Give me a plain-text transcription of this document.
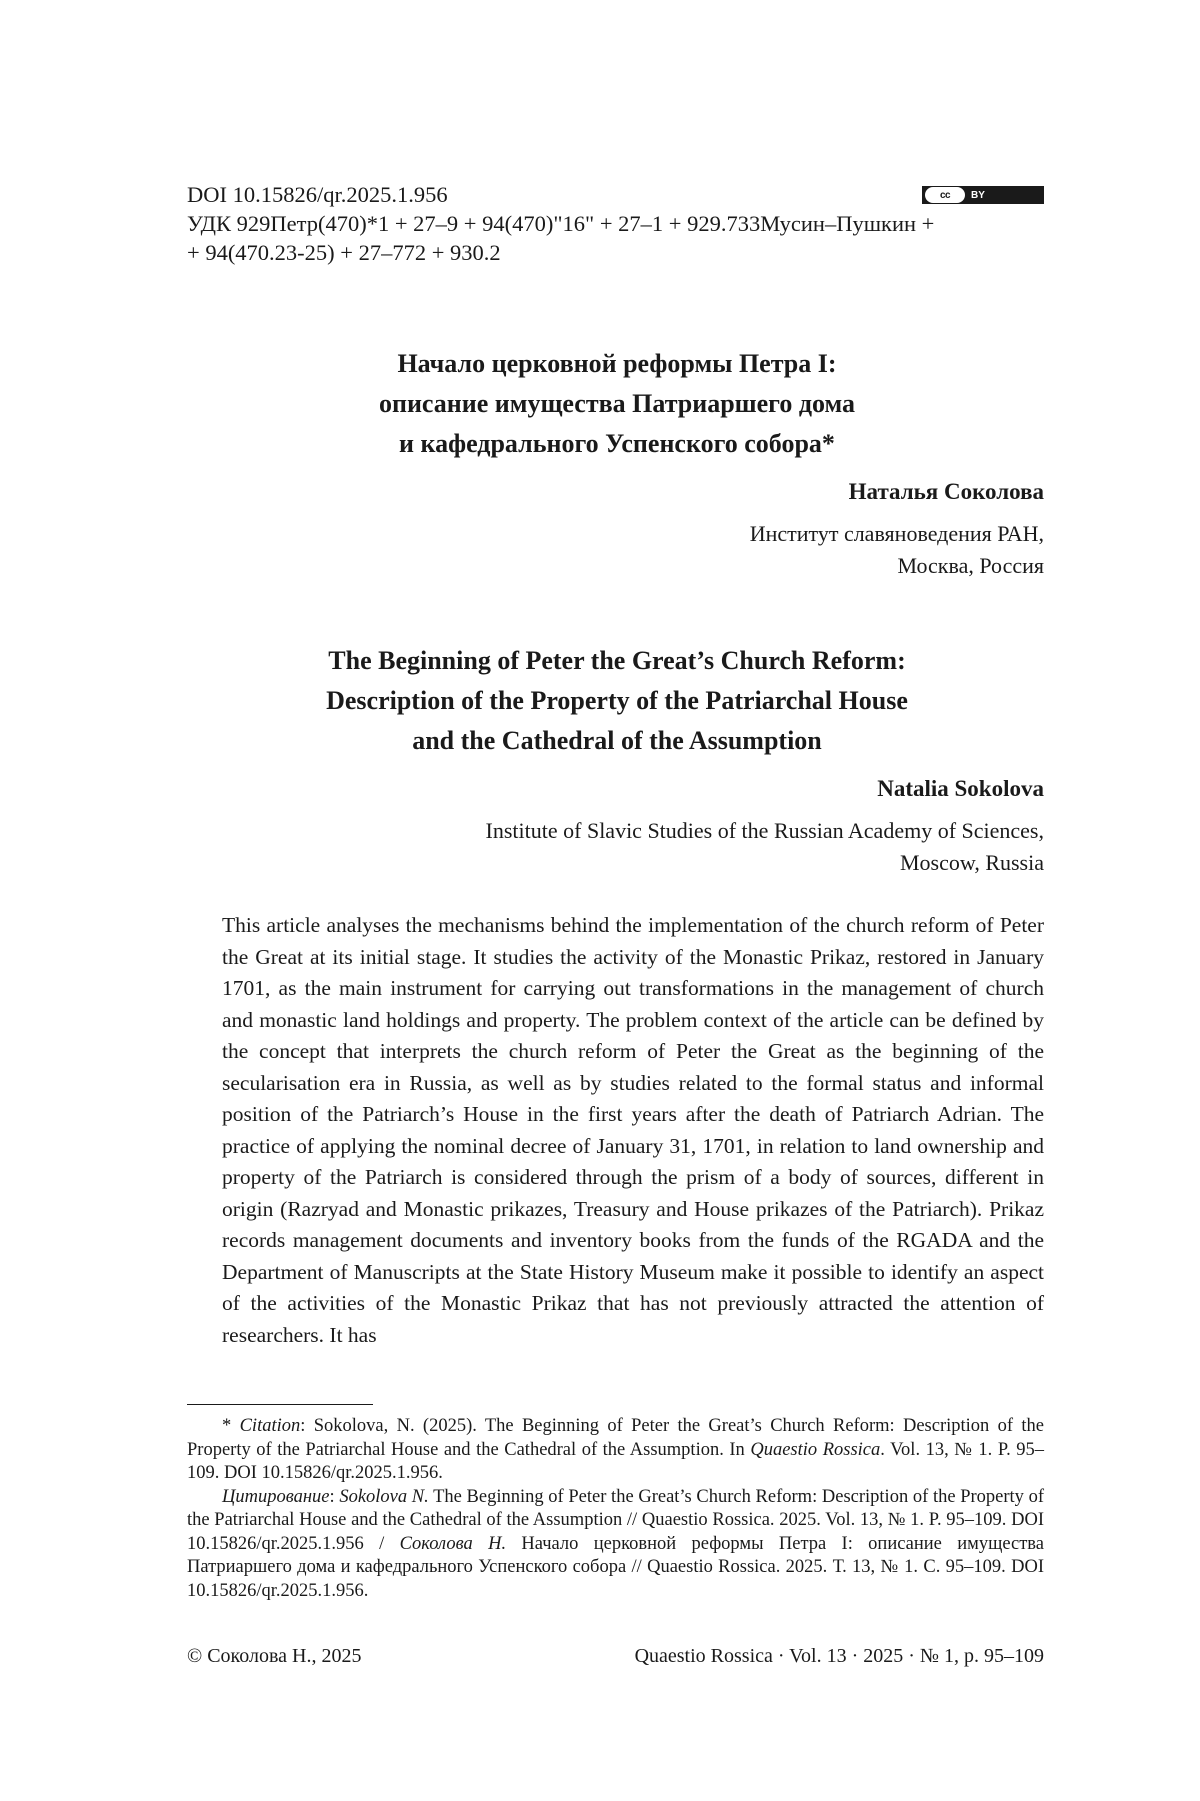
DOI 10.15826/qr.2025.1.956
УДК 929Петр(470)*1 + 27–9 + 94(470)"16" + 27–1 + 929.733Мусин–Пушкин +
+ 94(470.23-25) + 27–772 + 930.2
cc	BY
Начало церковной реформы Петра I:
описание имущества Патриаршего дома
и кафедрального Успенского собора*
Наталья Соколова
Институт славяноведения РАН,
Москва, Россия
The Beginning of Peter the Great’s Church Reform:
Description of the Property of the Patriarchal House
and the Cathedral of the Assumption
Natalia Sokolova
Institute of Slavic Studies of the Russian Academy of Sciences,
Moscow, Russia
This article analyses the mechanisms behind the implementation of the church reform of Peter the Great at its initial stage. It studies the activity of the Monastic Prikaz, restored in January 1701, as the main instrument for carrying out transformations in the management of church and monastic land holdings and property. The problem context of the article can be defined by the concept that interprets the church reform of Peter the Great as the beginning of the secularisation era in Russia, as well as by studies related to the formal status and informal position of the Patriarch’s House in the first years after the death of Patriarch Adrian. The practice of applying the nominal decree of January 31, 1701, in relation to land ownership and property of the Patriarch is considered through the prism of a body of sources, different in origin (Razryad and Monastic prikazes, Treasury and House prikazes of the Patriarch). Prikaz records management documents and inventory books from the funds of the RGADA and the Department of Manuscripts at the State History Museum make it possible to identify an aspect of the activities of the Monastic Prikaz that has not previously attracted the attention of researchers. It has

* Citation: Sokolova, N. (2025). The Beginning of Peter the Great’s Church Reform: Description of the Property of the Patriarchal House and the Cathedral of the Assumption. In Quaestio Rossica. Vol. 13, № 1. P. 95–109. DOI 10.15826/qr.2025.1.956.

Цитирование: Sokolova N. The Beginning of Peter the Great’s Church Reform: Description of the Property of the Patriarchal House and the Cathedral of the Assumption // Quaestio Rossica. 2025. Vol. 13, № 1. P. 95–109. DOI 10.15826/qr.2025.1.956 / Соколова Н. Начало церковной реформы Петра I: описание имущества Патриаршего дома и кафедрального Успенского собора // Quaestio Rossica. 2025. Т. 13, № 1. С. 95–109. DOI 10.15826/qr.2025.1.956.

© Соколова Н., 2025	Quaestio Rossica · Vol. 13 · 2025 · № 1, p. 95–109
